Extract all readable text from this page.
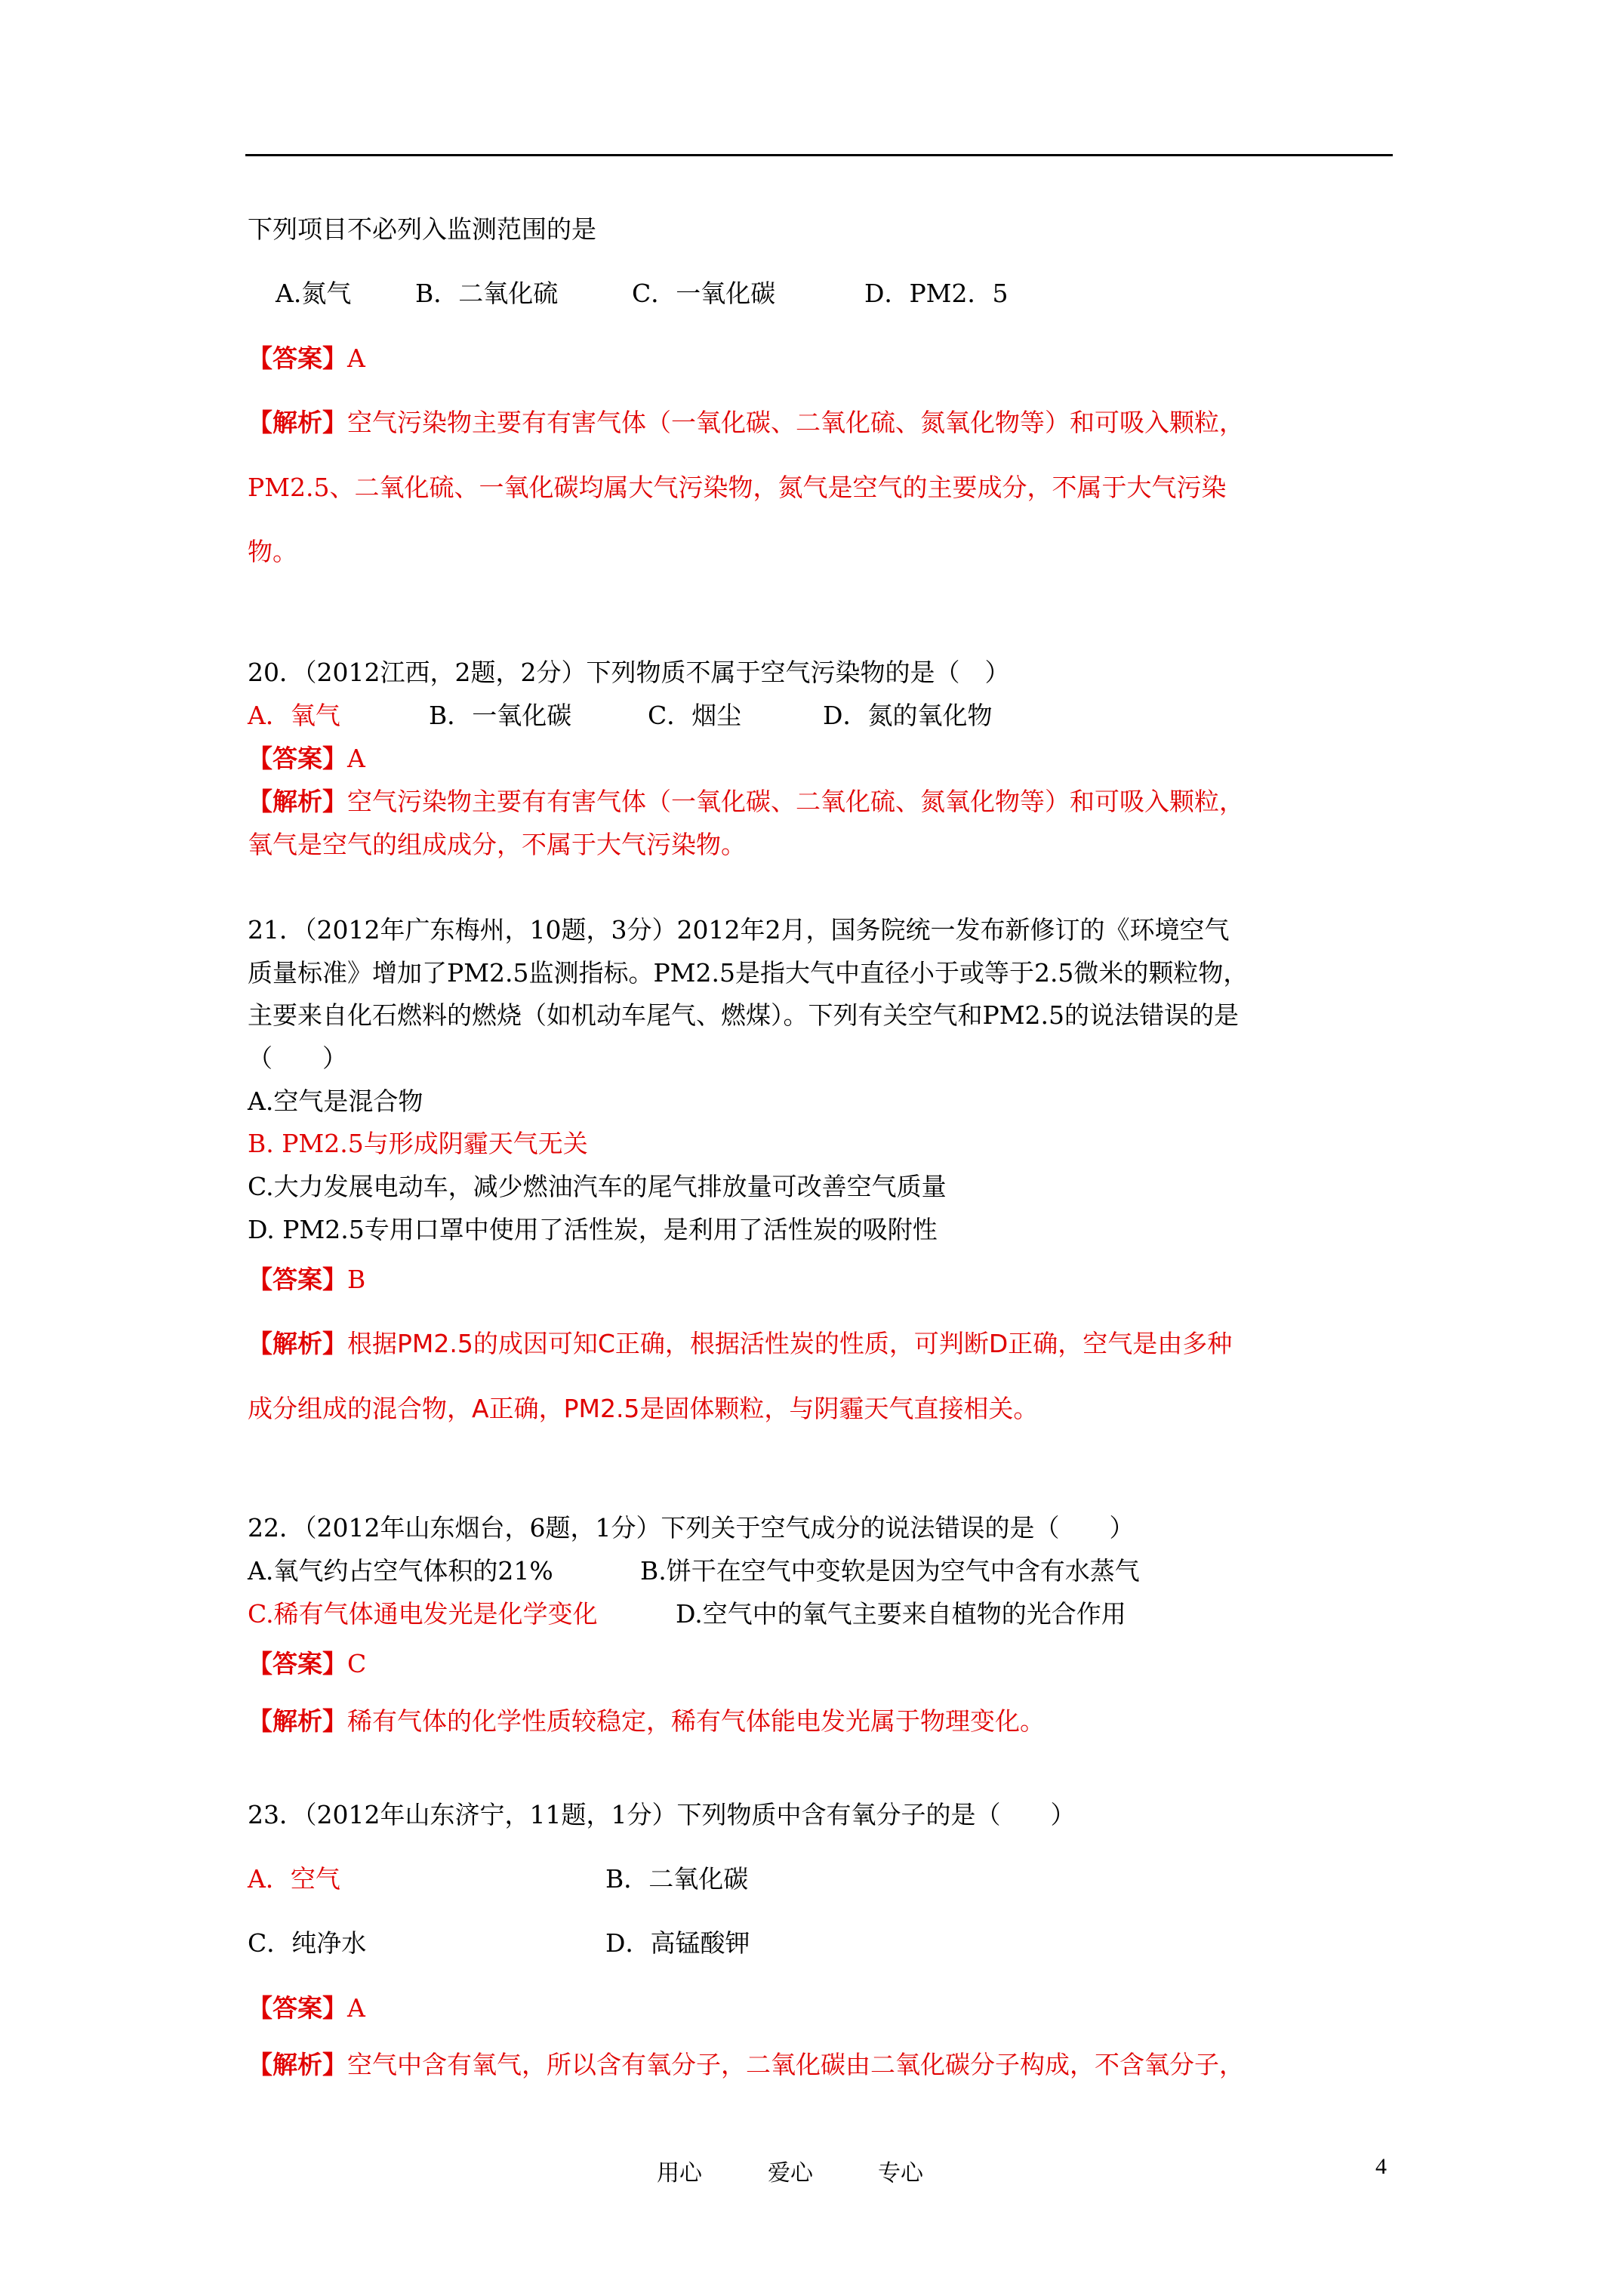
下列项目不必列入监测范围的是
A.氮气	B．二氧化硫	C．一氧化碳	D．PM2．5
【答案】A
【解析】空气污染物主要有有害气体（一氧化碳、二氧化硫、氮氧化物等）和可吸入颗粒，
PM2.5、二氧化硫、一氧化碳均属大气污染物，氮气是空气的主要成分，不属于大气污染
物。
20．（2012江西，2题，2分）下列物质不属于空气污染物的是（　）
A．氧气	B．一氧化碳	C．烟尘	D．氮的氧化物
【答案】A
【解析】空气污染物主要有有害气体（一氧化碳、二氧化硫、氮氧化物等）和可吸入颗粒，
氧气是空气的组成成分，不属于大气污染物。
21．（2012年广东梅州，10题，3分）2012年2月，国务院统一发布新修订的《环境空气
质量标准》增加了PM2.5监测指标。PM2.5是指大气中直径小于或等于2.5微米的颗粒物，
主要来自化石燃料的燃烧（如机动车尾气、燃煤）。下列有关空气和PM2.5的说法错误的是
（　　）
A.空气是混合物
B. PM2.5与形成阴霾天气无关
C.大力发展电动车，减少燃油汽车的尾气排放量可改善空气质量
D. PM2.5专用口罩中使用了活性炭，是利用了活性炭的吸附性
【答案】B
【解析】根据PM2.5的成因可知C正确，根据活性炭的性质，可判断D正确，空气是由多种
成分组成的混合物，A正确，PM2.5是固体颗粒，与阴霾天气直接相关。
22．（2012年山东烟台，6题，1分）下列关于空气成分的说法错误的是（　　）
A.氧气约占空气体积的21%	B.饼干在空气中变软是因为空气中含有水蒸气
C.稀有气体通电发光是化学变化	D.空气中的氧气主要来自植物的光合作用
【答案】C
【解析】稀有气体的化学性质较稳定，稀有气体能电发光属于物理变化。
23．（2012年山东济宁，11题，1分）下列物质中含有氧分子的是（　　）
A．空气	B．二氧化碳
C．纯净水	D．高锰酸钾
【答案】A
【解析】空气中含有氧气，所以含有氧分子，二氧化碳由二氧化碳分子构成，不含氧分子，
用心	爱心	专心	4
